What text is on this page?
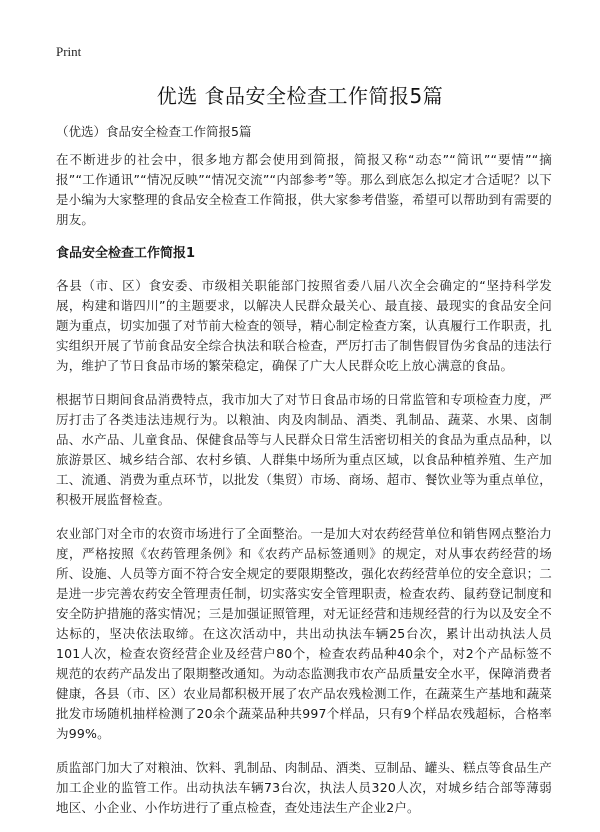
Print
优选 食品安全检查工作简报5篇

（优选）食品安全检查工作简报5篇

在不断进步的社会中，很多地方都会使用到简报，简报又称“动态”“简讯”“要情”“摘报”“工作通讯”“情况反映”“情况交流”“内部参考”等。那么到底怎么拟定才合适呢？以下是小编为大家整理的食品安全检查工作简报，供大家参考借鉴，希望可以帮助到有需要的朋友。

食品安全检查工作简报1

各县（市、区）食安委、市级相关职能部门按照省委八届八次全会确定的“坚持科学发展，构建和谐四川”的主题要求，以解决人民群众最关心、最直接、最现实的食品安全问题为重点，切实加强了对节前大检查的领导，精心制定检查方案，认真履行工作职责，扎实组织开展了节前食品安全综合执法和联合检查，严厉打击了制售假冒伪劣食品的违法行为，维护了节日食品市场的繁荣稳定，确保了广大人民群众吃上放心满意的食品。

根据节日期间食品消费特点，我市加大了对节日食品市场的日常监管和专项检查力度，严厉打击了各类违法违规行为。以粮油、肉及肉制品、酒类、乳制品、蔬菜、水果、卤制品、水产品、儿童食品、保健食品等与人民群众日常生活密切相关的食品为重点品种，以旅游景区、城乡结合部、农村乡镇、人群集中场所为重点区域，以食品种植养殖、生产加工、流通、消费为重点环节，以批发（集贸）市场、商场、超市、餐饮业等为重点单位，积极开展监督检查。

农业部门对全市的农资市场进行了全面整治。一是加大对农药经营单位和销售网点整治力度，严格按照《农药管理条例》和《农药产品标签通则》的规定，对从事农药经营的场所、设施、人员等方面不符合安全规定的要限期整改，强化农药经营单位的安全意识；二是进一步完善农药安全管理责任制，切实落实安全管理职责，检查农药、鼠药登记制度和安全防护措施的落实情况；三是加强证照管理，对无证经营和违规经营的行为以及安全不达标的，坚决依法取缔。在这次活动中，共出动执法车辆25台次，累计出动执法人员101人次，检查农资经营企业及经营户80个，检查农药品种40余个，对2个产品标签不规范的农药产品发出了限期整改通知。为动态监测我市农产品质量安全水平，保障消费者健康，各县（市、区）农业局都积极开展了农产品农残检测工作，在蔬菜生产基地和蔬菜批发市场随机抽样检测了20余个蔬菜品种共997个样品，只有9个样品农残超标，合格率为99%。

质监部门加大了对粮油、饮料、乳制品、肉制品、酒类、豆制品、罐头、糕点等食品生产加工企业的监管工作。出动执法车辆73台次，执法人员320人次，对城乡结合部等薄弱地区、小企业、小作坊进行了重点检查，查处违法生产企业2户。
